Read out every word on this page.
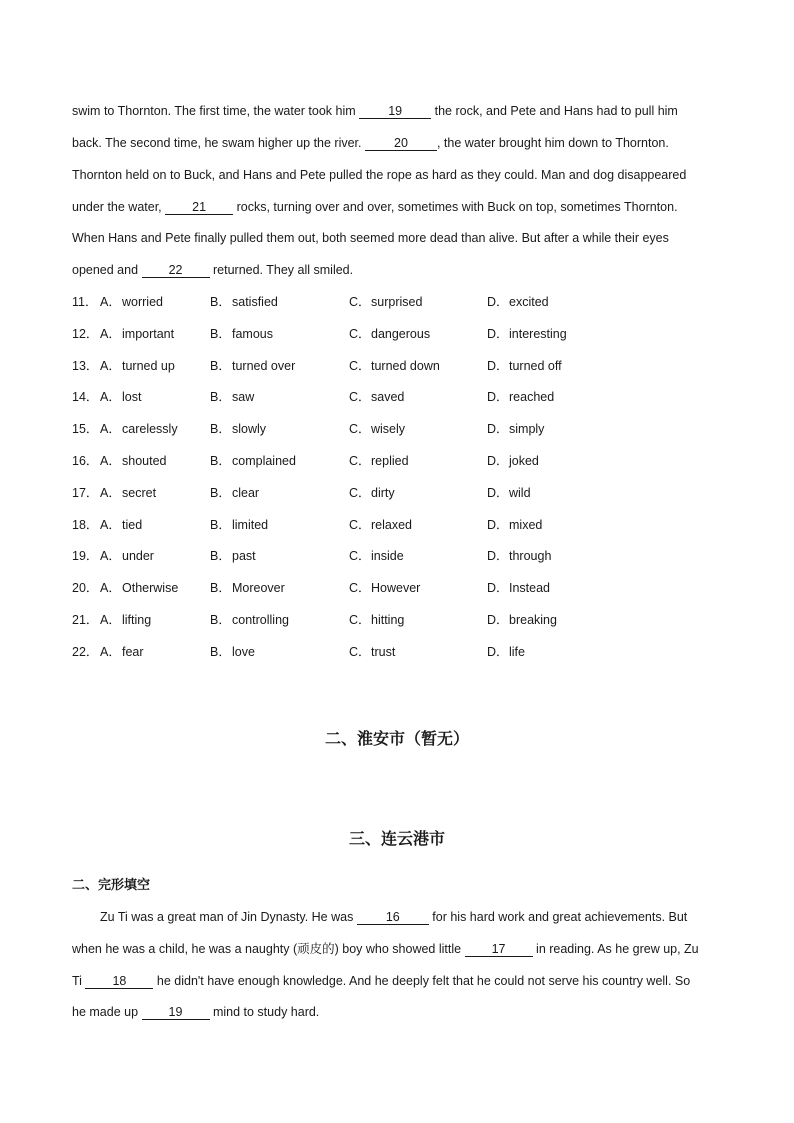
swim to Thornton. The first time, the water took him 19 the rock, and Pete and Hans had to pull him
back. The second time, he swam higher up the river. 20 , the water brought him down to Thornton.
Thornton held on to Buck, and Hans and Pete pulled the rope as hard as they could. Man and dog disappeared
under the water, 21 rocks, turning over and over, sometimes with Buck on top, sometimes Thornton.
When Hans and Pete finally pulled them out, both seemed more dead than alive. But after a while their eyes
opened and 22 returned. They all smiled.
11． A．worried	B．satisfied	C．surprised	D．excited
12． A．important	B．famous	C．dangerous	D．interesting
13． A．turned up	B．turned over	C．turned down	D．turned off
14． A．lost	B．saw	C．saved	D．reached
15． A．carelessly	B．slowly	C．wisely	D．simply
16． A．shouted	B．complained	C．replied	D．joked
17． A．secret	B．clear	C．dirty	D．wild
18． A．tied	B．limited	C．relaxed	D．mixed
19． A．under	B．past	C．inside	D．through
20． A．Otherwise	B．Moreover	C．However	D．Instead
21． A．lifting	B．controlling	C．hitting	D．breaking
22． A．fear	B．love	C．trust	D．life
二、淮安市（暂无）
三、连云港市
二、完形填空
Zu Ti was a great man of Jin Dynasty. He was 16 for his hard work and great achievements. But
when he was a child, he was a naughty (顽皮的) boy who showed little 17 in reading. As he grew up, Zu
Ti 18 he didn't have enough knowledge. And he deeply felt that he could not serve his country well. So
he made up 19 mind to study hard.
